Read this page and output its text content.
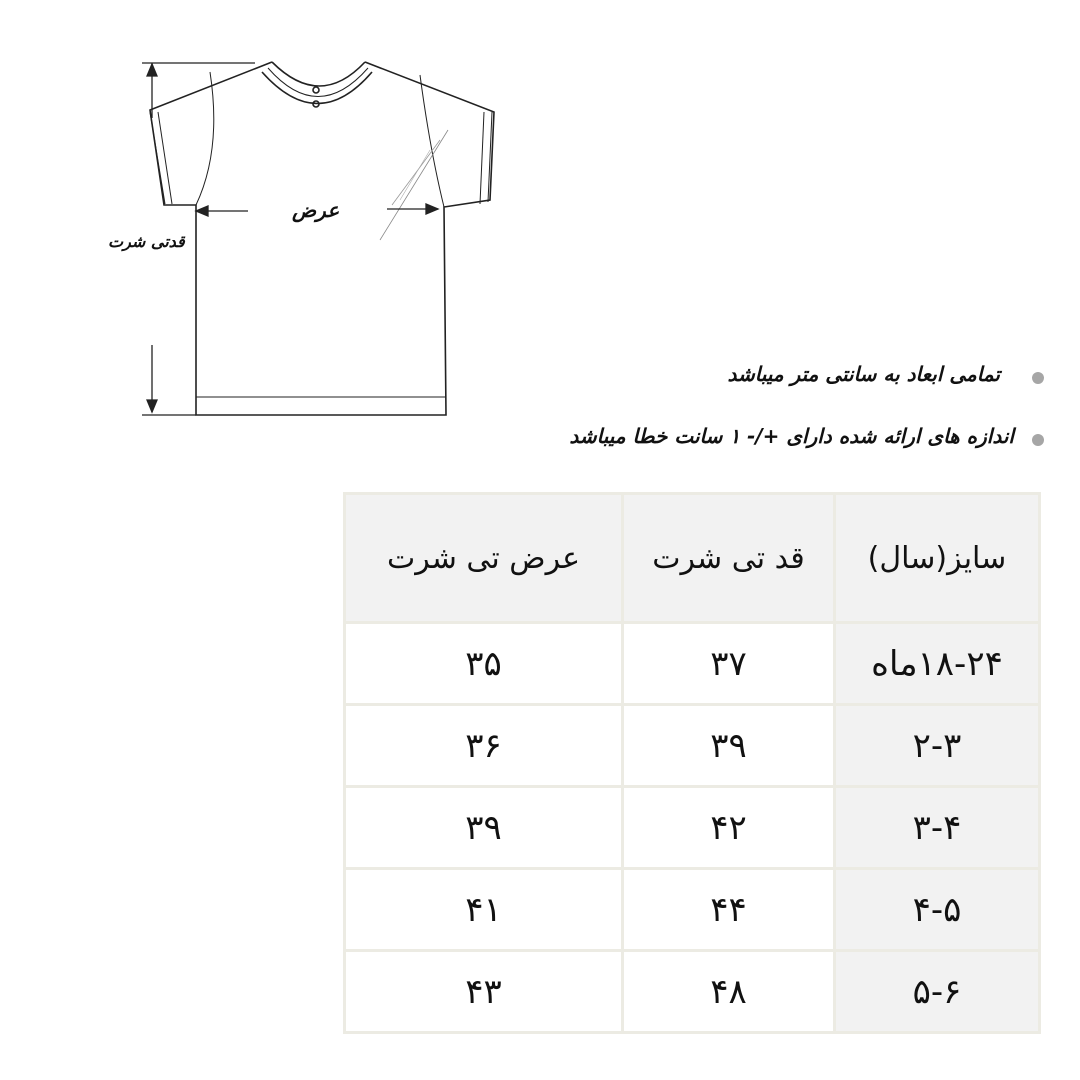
عرض
قدتی شرت
تمامی ابعاد به سانتی متر میباشد
اندازه های ارائه شده دارای +/- ۱ سانت خطا میباشد
سایز(سال)	قد تی شرت	عرض تی شرت
۱۸-۲۴ماه	۳۷	۳۵
۲-۳	۳۹	۳۶
۳-۴	۴۲	۳۹
۴-۵	۴۴	۴۱
۵-۶	۴۸	۴۳
